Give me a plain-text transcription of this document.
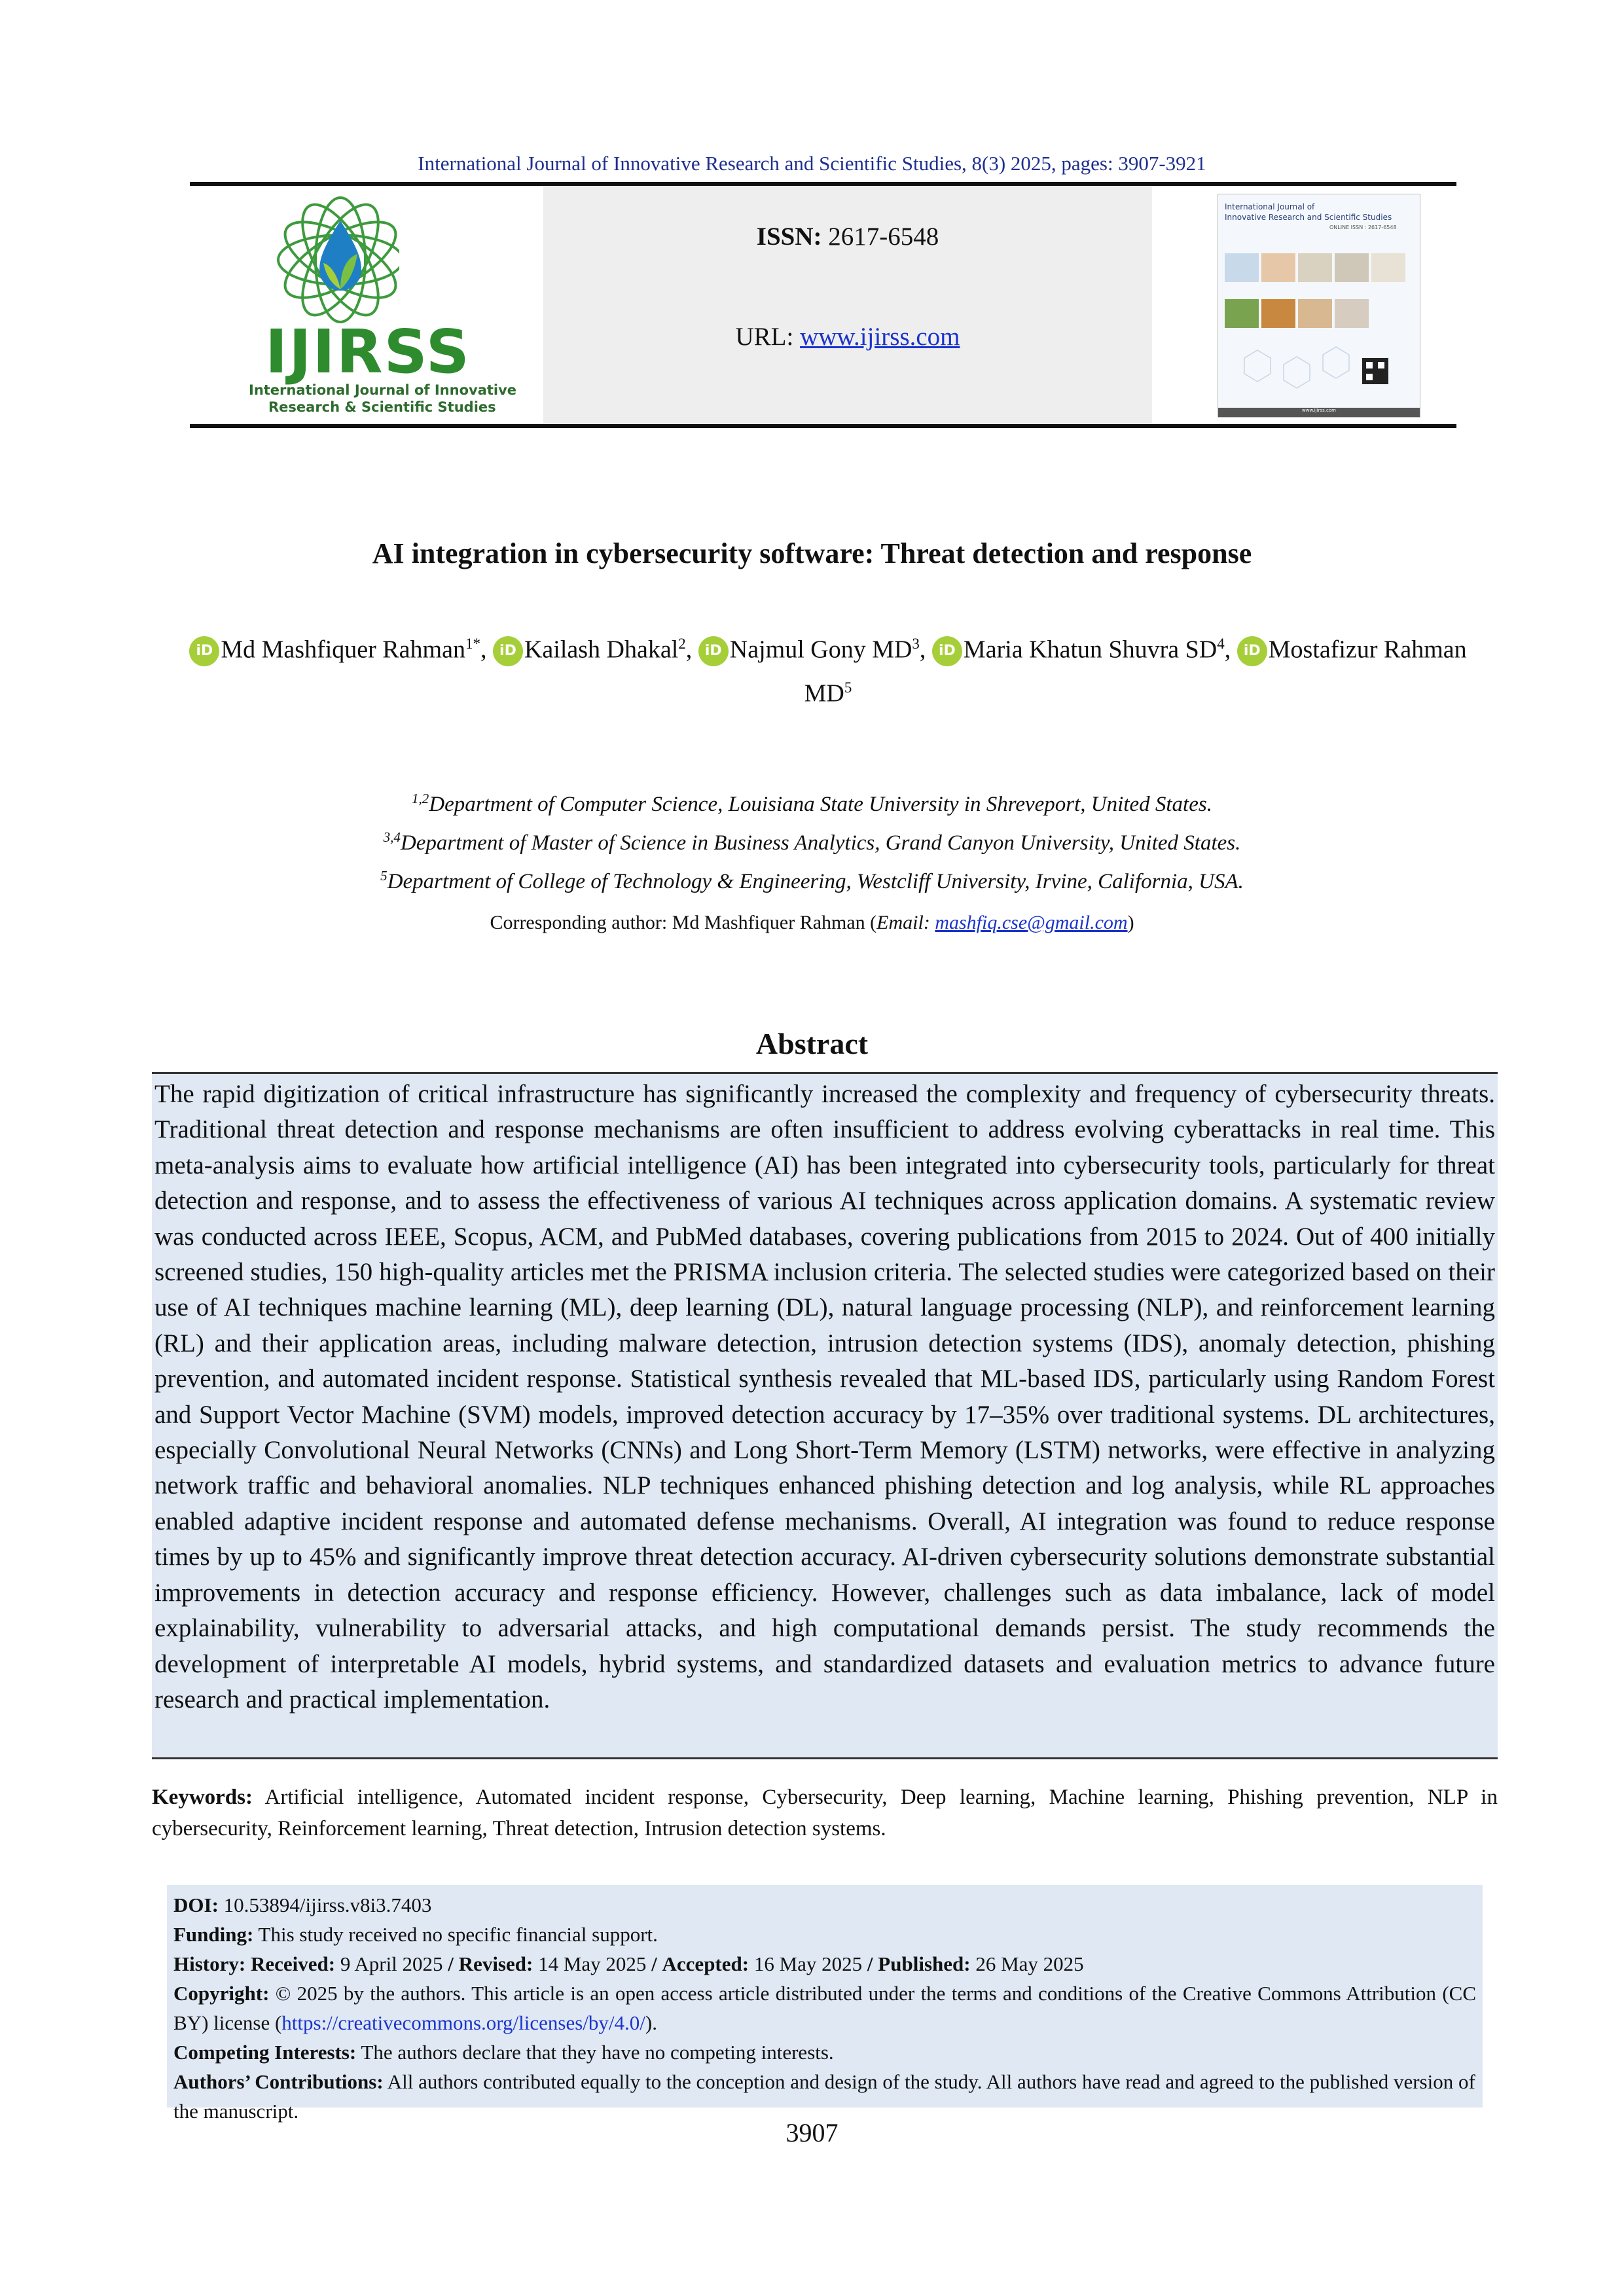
International Journal of Innovative Research and Scientific Studies, 8(3) 2025, pages: 3907-3921
IJIRSS
International Journal of Innovative
Research & Scientific Studies
ISSN: 2617-6548
URL: www.ijirss.com
International Journal of
Innovative Research and Scientific Studies
ONLINE ISSN : 2617-6548
www.ijirss.com
AI integration in cybersecurity software: Threat detection and response
iD Md Mashfiquer Rahman$^{1*}$, iD Kailash Dhakal$^2$, iD Najmul Gony $MD^3$, iD Maria Khatun Shuvra $SD^4$, iD Mostafizur Rahman $MD^5$
$^{1,2}$Department of Computer Science, Louisiana State University in Shreveport, United States.
$^{3,4}$Department of Master of Science in Business Analytics, Grand Canyon University, United States.
$^5$Department of College of Technology & Engineering, Westcliff University, Irvine, California, USA.
Corresponding author: Md Mashfiquer Rahman (Email: mashfiq.cse@gmail.com)
Abstract
The rapid digitization of critical infrastructure has significantly increased the complexity and frequency of cybersecurity threats. Traditional threat detection and response mechanisms are often insufficient to address evolving cyberattacks in real time. This meta-analysis aims to evaluate how artificial intelligence (AI) has been integrated into cybersecurity tools, particularly for threat detection and response, and to assess the effectiveness of various AI techniques across application domains. A systematic review was conducted across IEEE, Scopus, ACM, and PubMed databases, covering publications from 2015 to 2024. Out of 400 initially screened studies, 150 high-quality articles met the PRISMA inclusion criteria. The selected studies were categorized based on their use of AI techniques machine learning (ML), deep learning (DL), natural language processing (NLP), and reinforcement learning (RL) and their application areas, including malware detection, intrusion detection systems (IDS), anomaly detection, phishing prevention, and automated incident response. Statistical synthesis revealed that ML-based IDS, particularly using Random Forest and Support Vector Machine (SVM) models, improved detection accuracy by 17–35% over traditional systems. DL architectures, especially Convolutional Neural Networks (CNNs) and Long Short-Term Memory (LSTM) networks, were effective in analyzing network traffic and behavioral anomalies. NLP techniques enhanced phishing detection and log analysis, while RL approaches enabled adaptive incident response and automated defense mechanisms. Overall, AI integration was found to reduce response times by up to 45% and significantly improve threat detection accuracy. AI-driven cybersecurity solutions demonstrate substantial improvements in detection accuracy and response efficiency. However, challenges such as data imbalance, lack of model explainability, vulnerability to adversarial attacks, and high computational demands persist. The study recommends the development of interpretable AI models, hybrid systems, and standardized datasets and evaluation metrics to advance future research and practical implementation.
Keywords: Artificial intelligence, Automated incident response, Cybersecurity, Deep learning, Machine learning, Phishing prevention, NLP in cybersecurity, Reinforcement learning, Threat detection, Intrusion detection systems.
DOI: 10.53894/ijirss.v8i3.7403
Funding: This study received no specific financial support.
History: Received: 9 April 2025 / Revised: 14 May 2025 / Accepted: 16 May 2025 / Published: 26 May 2025
Copyright: © 2025 by the authors. This article is an open access article distributed under the terms and conditions of the Creative Commons Attribution (CC BY) license (https://creativecommons.org/licenses/by/4.0/).
Competing Interests: The authors declare that they have no competing interests.
Authors’ Contributions: All authors contributed equally to the conception and design of the study. All authors have read and agreed to the published version of the manuscript.
3907
